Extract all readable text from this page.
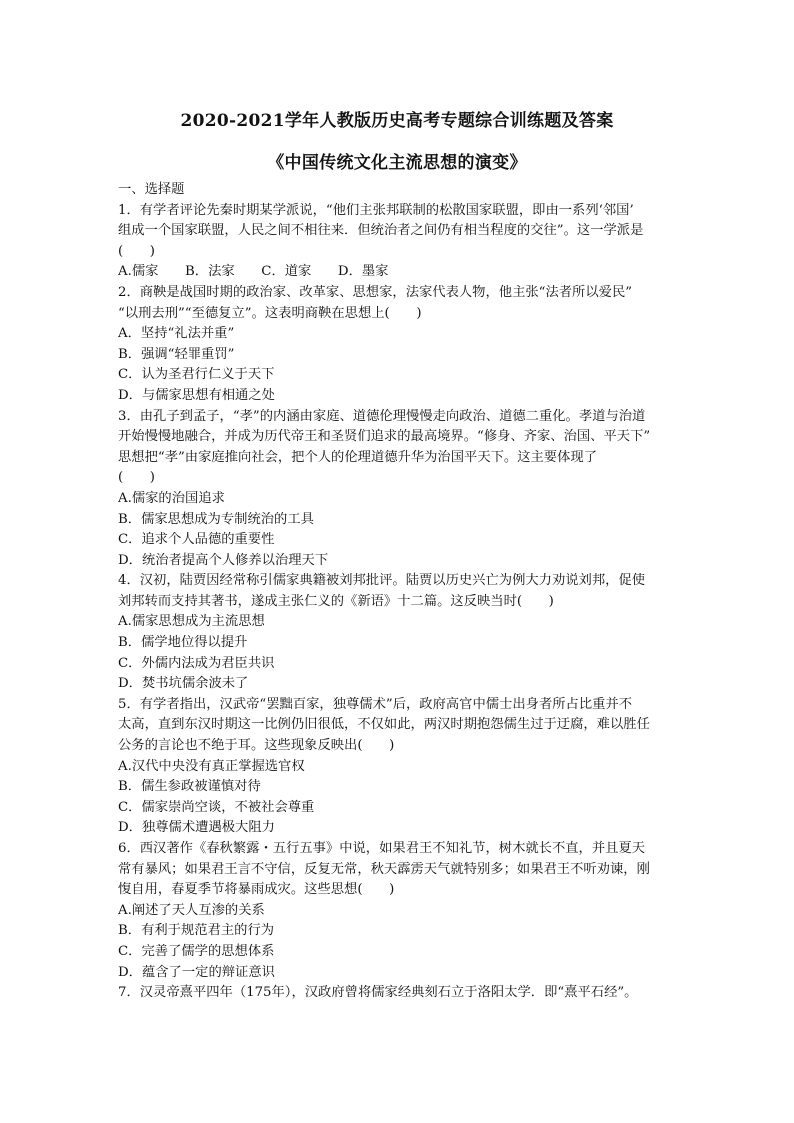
2020-2021学年人教版历史高考专题综合训练题及答案
《中国传统文化主流思想的演变》
一、选择题
1．有学者评论先秦时期某学派说，“他们主张邦联制的松散国家联盟，即由一系列‘邻国’
组成一个国家联盟，人民之间不相往来．但统治者之间仍有相当程度的交往”。这一学派是
(　　)
A.儒家　　B．法家　　C．道家　　D．墨家
2．商鞅是战国时期的政治家、改革家、思想家，法家代表人物，他主张“法者所以爱民”
“以刑去刑”“至德复立”。这表明商鞅在思想上(　　)
A．坚持“礼法并重”
B．强调“轻罪重罚”
C．认为圣君行仁义于天下
D．与儒家思想有相通之处
3．由孔子到孟子，“孝”的内涵由家庭、道德伦理慢慢走向政治、道德二重化。孝道与治道
开始慢慢地融合，并成为历代帝王和圣贤们追求的最高境界。“修身、齐家、治国、平天下”
思想把“孝”由家庭推向社会，把个人的伦理道德升华为治国平天下。这主要体现了
(　　)
A.儒家的治国追求
B．儒家思想成为专制统治的工具
C．追求个人品德的重要性
D．统治者提高个人修养以治理天下
4．汉初，陆贾因经常称引儒家典籍被刘邦批评。陆贾以历史兴亡为例大力劝说刘邦，促使
刘邦转而支持其著书，遂成主张仁义的《新语》十二篇。这反映当时(　　)
A.儒家思想成为主流思想
B．儒学地位得以提升
C．外儒内法成为君臣共识
D．焚书坑儒余波未了
5．有学者指出，汉武帝“罢黜百家，独尊儒术”后，政府高官中儒士出身者所占比重并不
太高，直到东汉时期这一比例仍旧很低，不仅如此，两汉时期抱怨儒生过于迂腐，难以胜任
公务的言论也不绝于耳。这些现象反映出(　　)
A.汉代中央没有真正掌握选官权
B．儒生参政被谨慎对待
C．儒家崇尚空谈，不被社会尊重
D．独尊儒术遭遇极大阻力
6．西汉著作《春秋繁露・五行五事》中说，如果君王不知礼节，树木就长不直，并且夏天
常有暴风；如果君王言不守信，反复无常，秋天霹雳天气就特别多；如果君王不听劝谏，刚
愎自用，春夏季节将暴雨成灾。这些思想(　　)
A.阐述了天人互渗的关系
B．有利于规范君主的行为
C．完善了儒学的思想体系
D．蕴含了一定的辩证意识
7．汉灵帝熹平四年（175年），汉政府曾将儒家经典刻石立于洛阳太学．即“熹平石经”。
